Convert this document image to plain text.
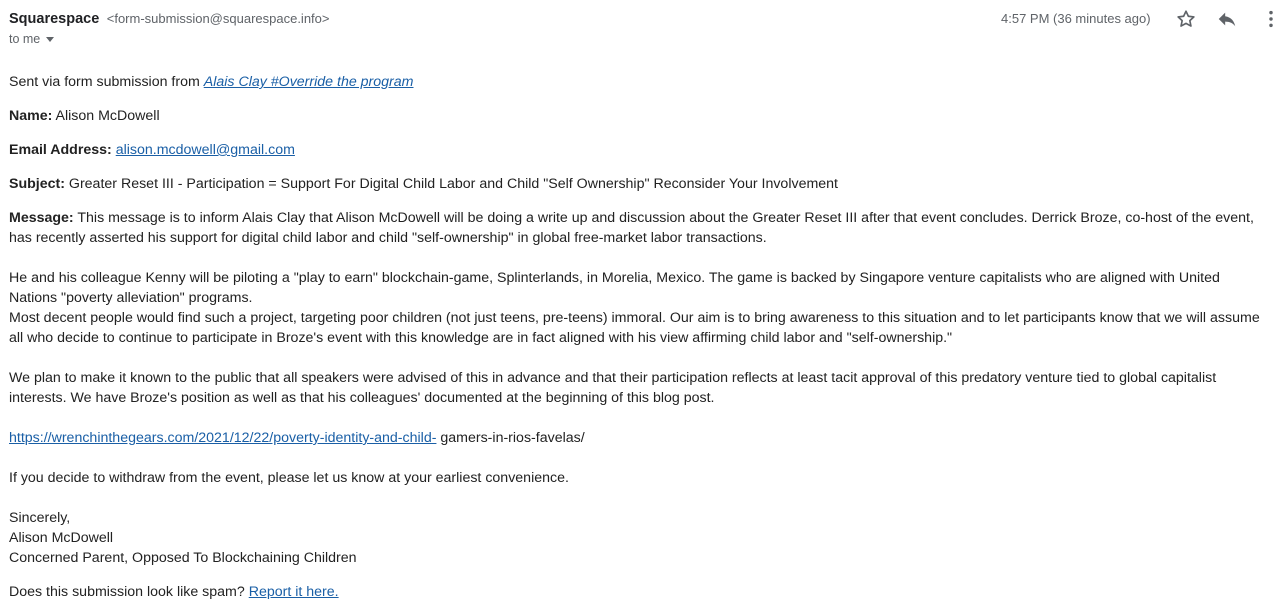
Squarespace <form-submission@squarespace.info>
to me
4:57 PM (36 minutes ago)

Sent via form submission from Alais Clay #Override the program

Name: Alison McDowell

Email Address: alison.mcdowell@gmail.com

Subject: Greater Reset III - Participation = Support For Digital Child Labor and Child "Self Ownership" Reconsider Your Involvement

Message: This message is to inform Alais Clay that Alison McDowell will be doing a write up and discussion about the Greater Reset III after that event concludes. Derrick Broze, co-host of the event, has recently asserted his support for digital child labor and child "self-ownership" in global free-market labor transactions.

He and his colleague Kenny will be piloting a "play to earn" blockchain-game, Splinterlands, in Morelia, Mexico. The game is backed by Singapore venture capitalists who are aligned with United Nations "poverty alleviation" programs.

Most decent people would find such a project, targeting poor children (not just teens, pre-teens) immoral. Our aim is to bring awareness to this situation and to let participants know that we will assume all who decide to continue to participate in Broze's event with this knowledge are in fact aligned with his view affirming child labor and "self-ownership."

We plan to make it known to the public that all speakers were advised of this in advance and that their participation reflects at least tacit approval of this predatory venture tied to global capitalist interests. We have Broze's position as well as that his colleagues' documented at the beginning of this blog post.

https://wrenchinthegears.com/2021/12/22/poverty-identity-and-child- gamers-in-rios-favelas/

If you decide to withdraw from the event, please let us know at your earliest convenience.

Sincerely,

Alison McDowell

Concerned Parent, Opposed To Blockchaining Children

Does this submission look like spam? Report it here.
